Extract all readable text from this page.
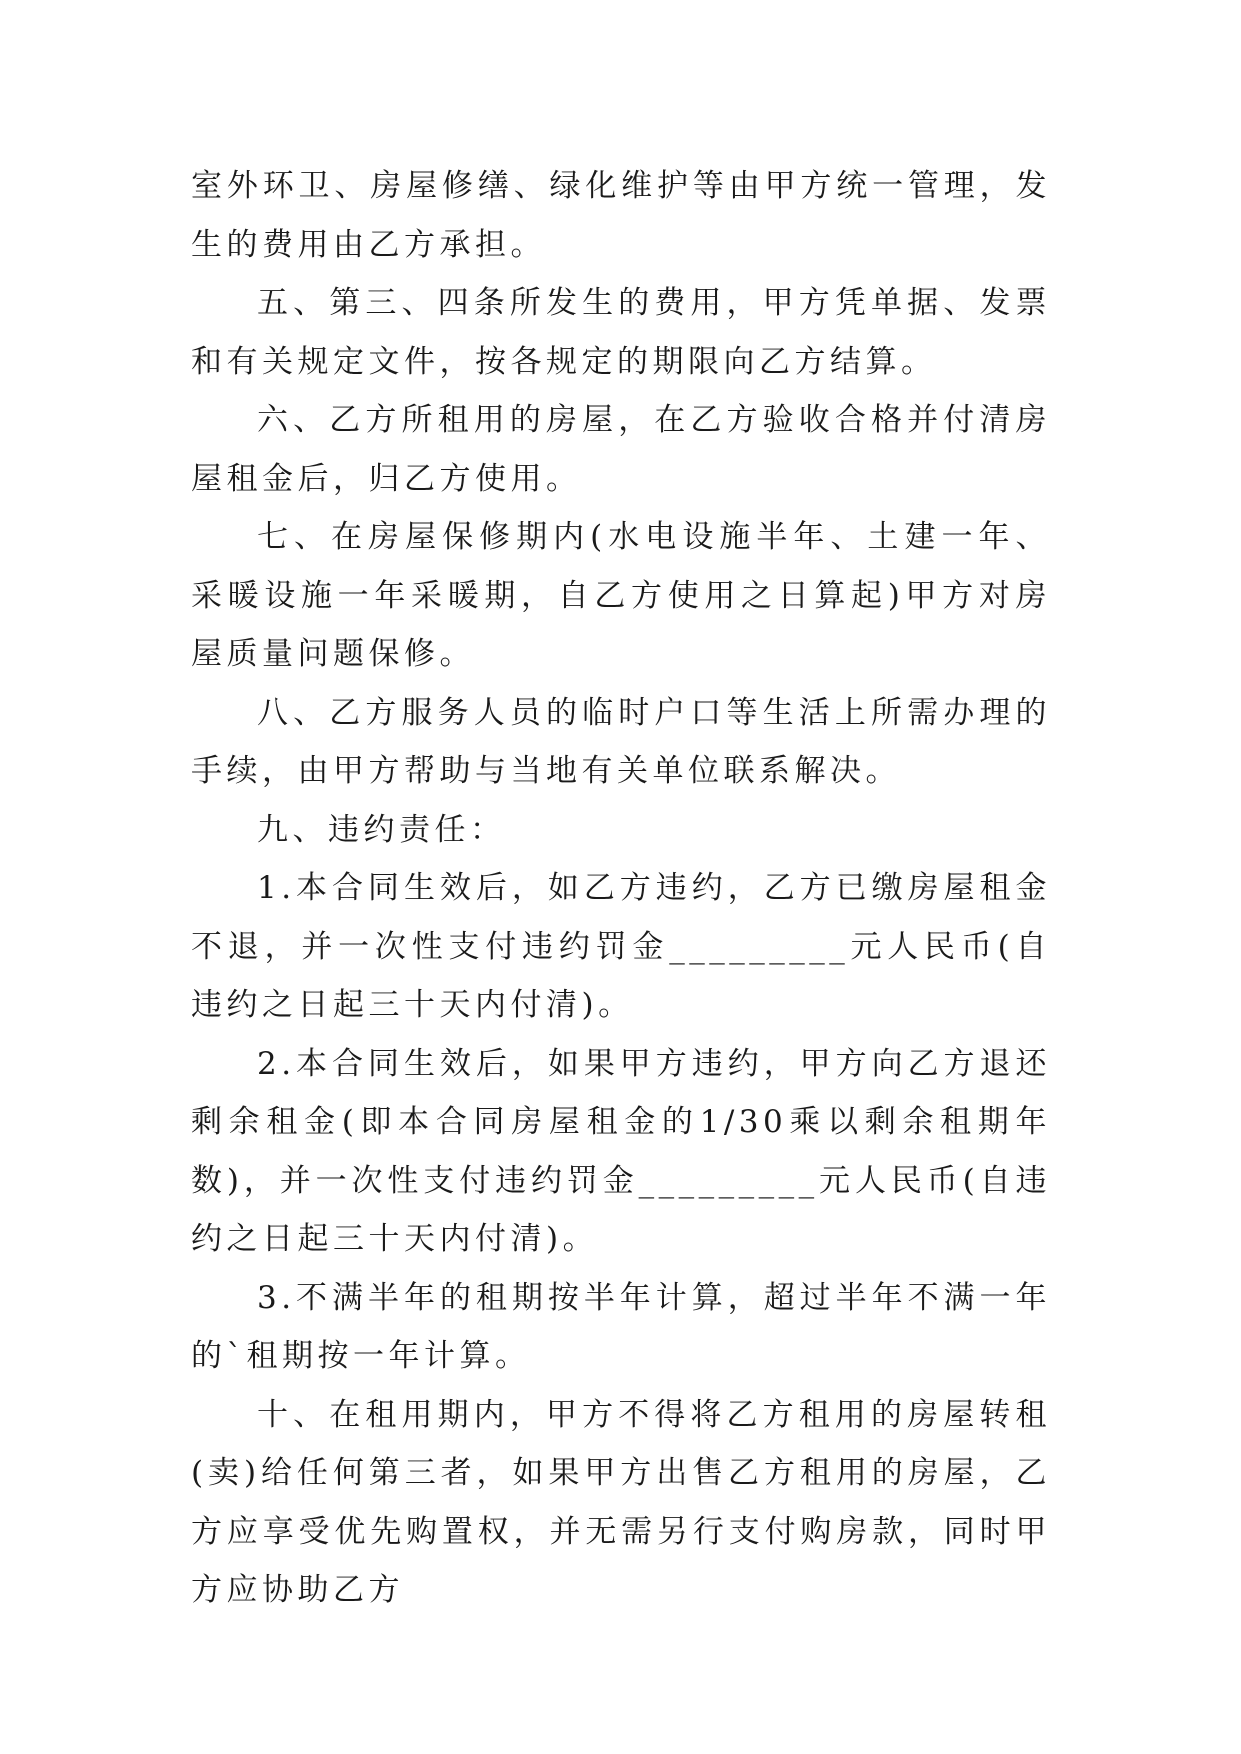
室外环卫、房屋修缮、绿化维护等由甲方统一管理，发生的费用由乙方承担。

五、第三、四条所发生的费用，甲方凭单据、发票和有关规定文件，按各规定的期限向乙方结算。

六、乙方所租用的房屋，在乙方验收合格并付清房屋租金后，归乙方使用。

七、在房屋保修期内(水电设施半年、土建一年、采暖设施一年采暖期，自乙方使用之日算起)甲方对房屋质量问题保修。

八、乙方服务人员的临时户口等生活上所需办理的手续，由甲方帮助与当地有关单位联系解决。

九、违约责任：

1.本合同生效后，如乙方违约，乙方已缴房屋租金不退，并一次性支付违约罚金_________元人民币(自违约之日起三十天内付清)。

2.本合同生效后，如果甲方违约，甲方向乙方退还剩余租金(即本合同房屋租金的1/30乘以剩余租期年数)，并一次性支付违约罚金_________元人民币(自违约之日起三十天内付清)。

3.不满半年的租期按半年计算，超过半年不满一年的`租期按一年计算。

十、在租用期内，甲方不得将乙方租用的房屋转租(卖)给任何第三者，如果甲方出售乙方租用的房屋，乙方应享受优先购置权，并无需另行支付购房款，同时甲方应协助乙方
